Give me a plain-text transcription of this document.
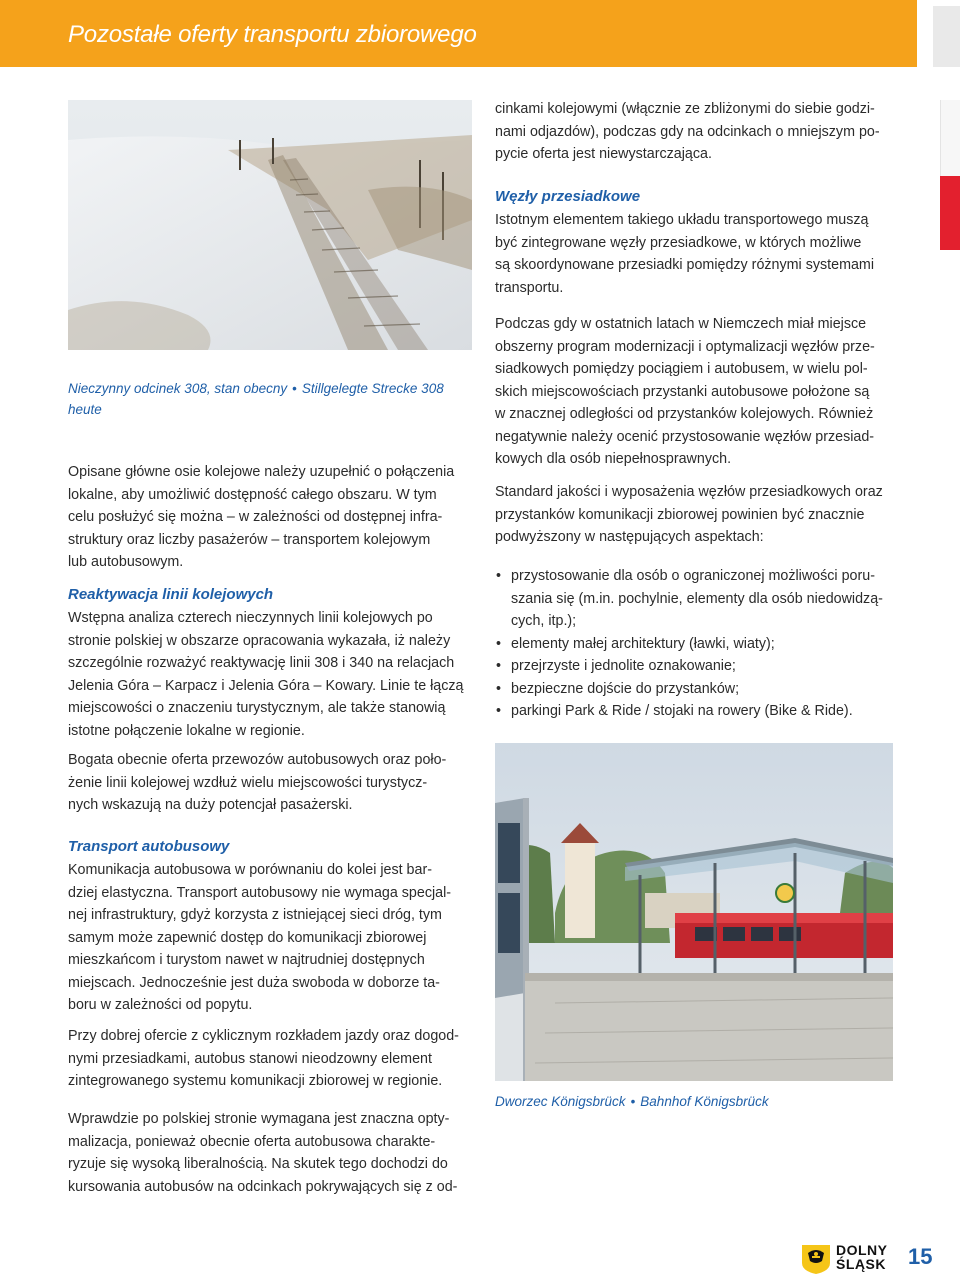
Pozostałe oferty transportu zbiorowego
Nieczynny odcinek 308, stan obecny • Stillgelegte Strecke 308
heute
Opisane główne osie kolejowe należy uzupełnić o połączenia
lokalne, aby umożliwić dostępność całego obszaru. W tym
celu posłużyć się można – w zależności od dostępnej infra-
struktury oraz liczby pasażerów – transportem kolejowym
lub autobusowym.
Reaktywacja linii kolejowych
Wstępna analiza czterech nieczynnych linii kolejowych po
stronie polskiej w obszarze opracowania wykazała, iż należy
szczególnie rozważyć reaktywację linii 308 i 340 na relacjach
Jelenia Góra – Karpacz i Jelenia Góra – Kowary. Linie te łączą
miejscowości o znaczeniu turystycznym, ale także stanowią
istotne połączenie lokalne w regionie.
Bogata obecnie oferta przewozów autobusowych oraz poło-
żenie linii kolejowej wzdłuż wielu miejscowości turystycz-
nych wskazują na duży potencjał pasażerski.
Transport autobusowy
Komunikacja autobusowa w porównaniu do kolei jest bar-
dziej elastyczna. Transport autobusowy nie wymaga specjal-
nej infrastruktury, gdyż korzysta z istniejącej sieci dróg, tym
samym może zapewnić dostęp do komunikacji zbiorowej
mieszkańcom i turystom nawet w najtrudniej dostępnych
miejscach. Jednocześnie jest duża swoboda w doborze ta-
boru w zależności od popytu.
Przy dobrej ofercie z cyklicznym rozkładem jazdy oraz dogod-
nymi przesiadkami, autobus stanowi nieodzowny element
zintegrowanego systemu komunikacji zbiorowej w regionie.
Wprawdzie po polskiej stronie wymagana jest znaczna opty-
malizacja, ponieważ obecnie oferta autobusowa charakte-
ryzuje się wysoką liberalnością. Na skutek tego dochodzi do
kursowania autobusów na odcinkach pokrywających się z od-
cinkami kolejowymi (włącznie ze zbliżonymi do siebie godzi-
nami odjazdów), podczas gdy na odcinkach o mniejszym po-
pycie oferta jest niewystarczająca.
Węzły przesiadkowe
Istotnym elementem takiego układu transportowego muszą
być zintegrowane węzły przesiadkowe, w których możliwe
są skoordynowane przesiadki pomiędzy różnymi systemami
transportu.
Podczas gdy w ostatnich latach w Niemczech miał miejsce
obszerny program modernizacji i optymalizacji węzłów prze-
siadkowych pomiędzy pociągiem i autobusem, w wielu pol-
skich miejscowościach przystanki autobusowe położone są
w znacznej odległości od przystanków kolejowych. Również
negatywnie należy ocenić przystosowanie węzłów przesiad-
kowych dla osób niepełnosprawnych.
Standard jakości i wyposażenia węzłów przesiadkowych oraz
przystanków komunikacji zbiorowej powinien być znacznie
podwyższony w następujących aspektach:
• przystosowanie dla osób o ograniczonej możliwości poru-
szania się (m.in. pochylnie, elementy dla osób niedowidzą-
cych, itp.);
• elementy małej architektury (ławki, wiaty);
• przejrzyste i jednolite oznakowanie;
• bezpieczne dojście do przystanków;
• parkingi Park & Ride / stojaki na rowery (Bike & Ride).
Dworzec Königsbrück • Bahnhof Königsbrück
DOLNY
ŚLĄSK 15
